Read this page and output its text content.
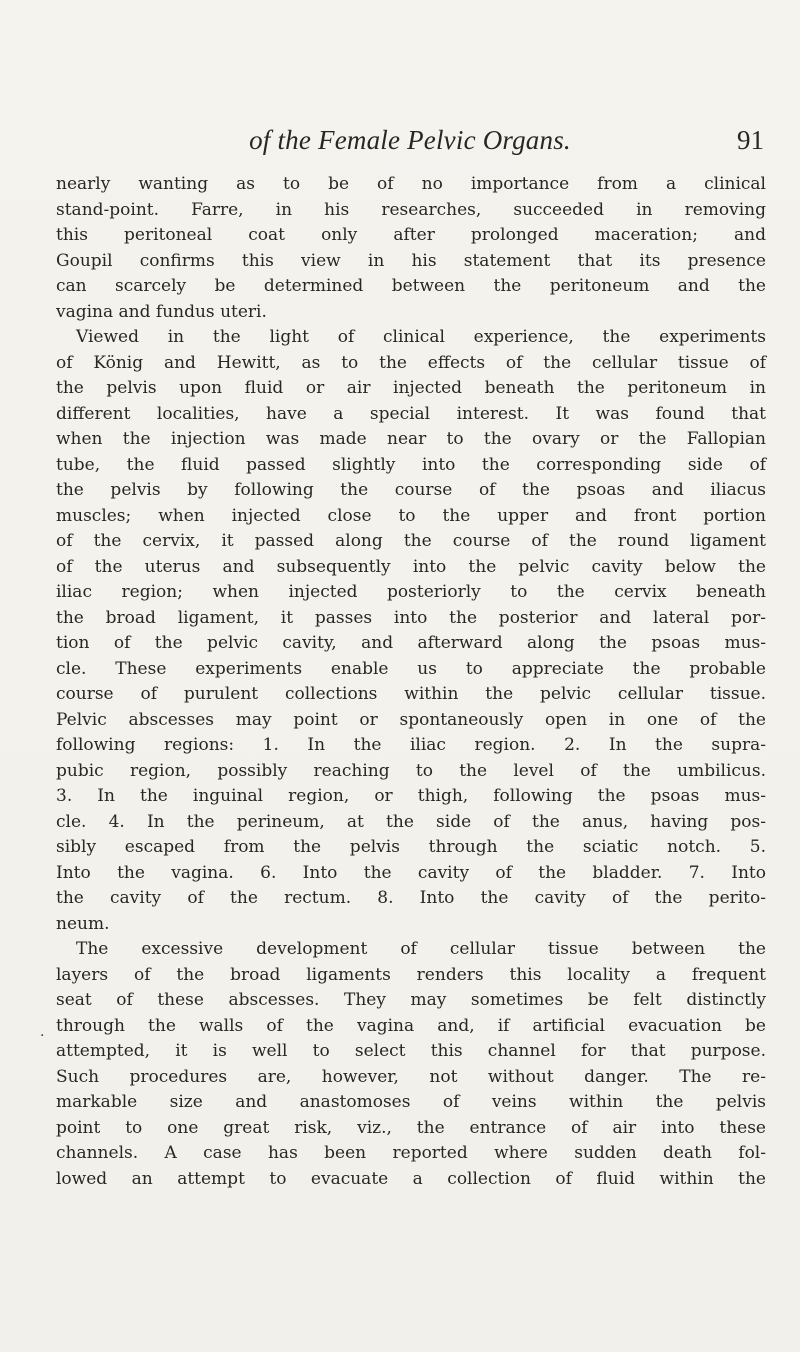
of the Female Pelvic Organs.	91
nearly wanting as to be of no importance from a clinical
stand-point. Farre, in his researches, succeeded in removing
this peritoneal coat only after prolonged maceration; and
Goupil confirms this view in his statement that its presence
can scarcely be determined between the peritoneum and the
vagina and fundus uteri.
Viewed in the light of clinical experience, the experiments
of König and Hewitt, as to the effects of the cellular tissue of
the pelvis upon fluid or air injected beneath the peritoneum in
different localities, have a special interest. It was found that
when the injection was made near to the ovary or the Fallopian
tube, the fluid passed slightly into the corresponding side of
the pelvis by following the course of the psoas and iliacus
muscles; when injected close to the upper and front portion
of the cervix, it passed along the course of the round ligament
of the uterus and subsequently into the pelvic cavity below the
iliac region; when injected posteriorly to the cervix beneath
the broad ligament, it passes into the posterior and lateral por-
tion of the pelvic cavity, and afterward along the psoas mus-
cle. These experiments enable us to appreciate the probable
course of purulent collections within the pelvic cellular tissue.
Pelvic abscesses may point or spontaneously open in one of the
following regions: 1. In the iliac region. 2. In the supra-
pubic region, possibly reaching to the level of the umbilicus.
3. In the inguinal region, or thigh, following the psoas mus-
cle. 4. In the perineum, at the side of the anus, having pos-
sibly escaped from the pelvis through the sciatic notch. 5.
Into the vagina. 6. Into the cavity of the bladder. 7. Into
the cavity of the rectum. 8. Into the cavity of the perito-
neum.
The excessive development of cellular tissue between the
layers of the broad ligaments renders this locality a frequent
seat of these abscesses. They may sometimes be felt distinctly
through the walls of the vagina and, if artificial evacuation be
attempted, it is well to select this channel for that purpose.
Such procedures are, however, not without danger. The re-
markable size and anastomoses of veins within the pelvis
point to one great risk, viz., the entrance of air into these
channels. A case has been reported where sudden death fol-
lowed an attempt to evacuate a collection of fluid within the
·
